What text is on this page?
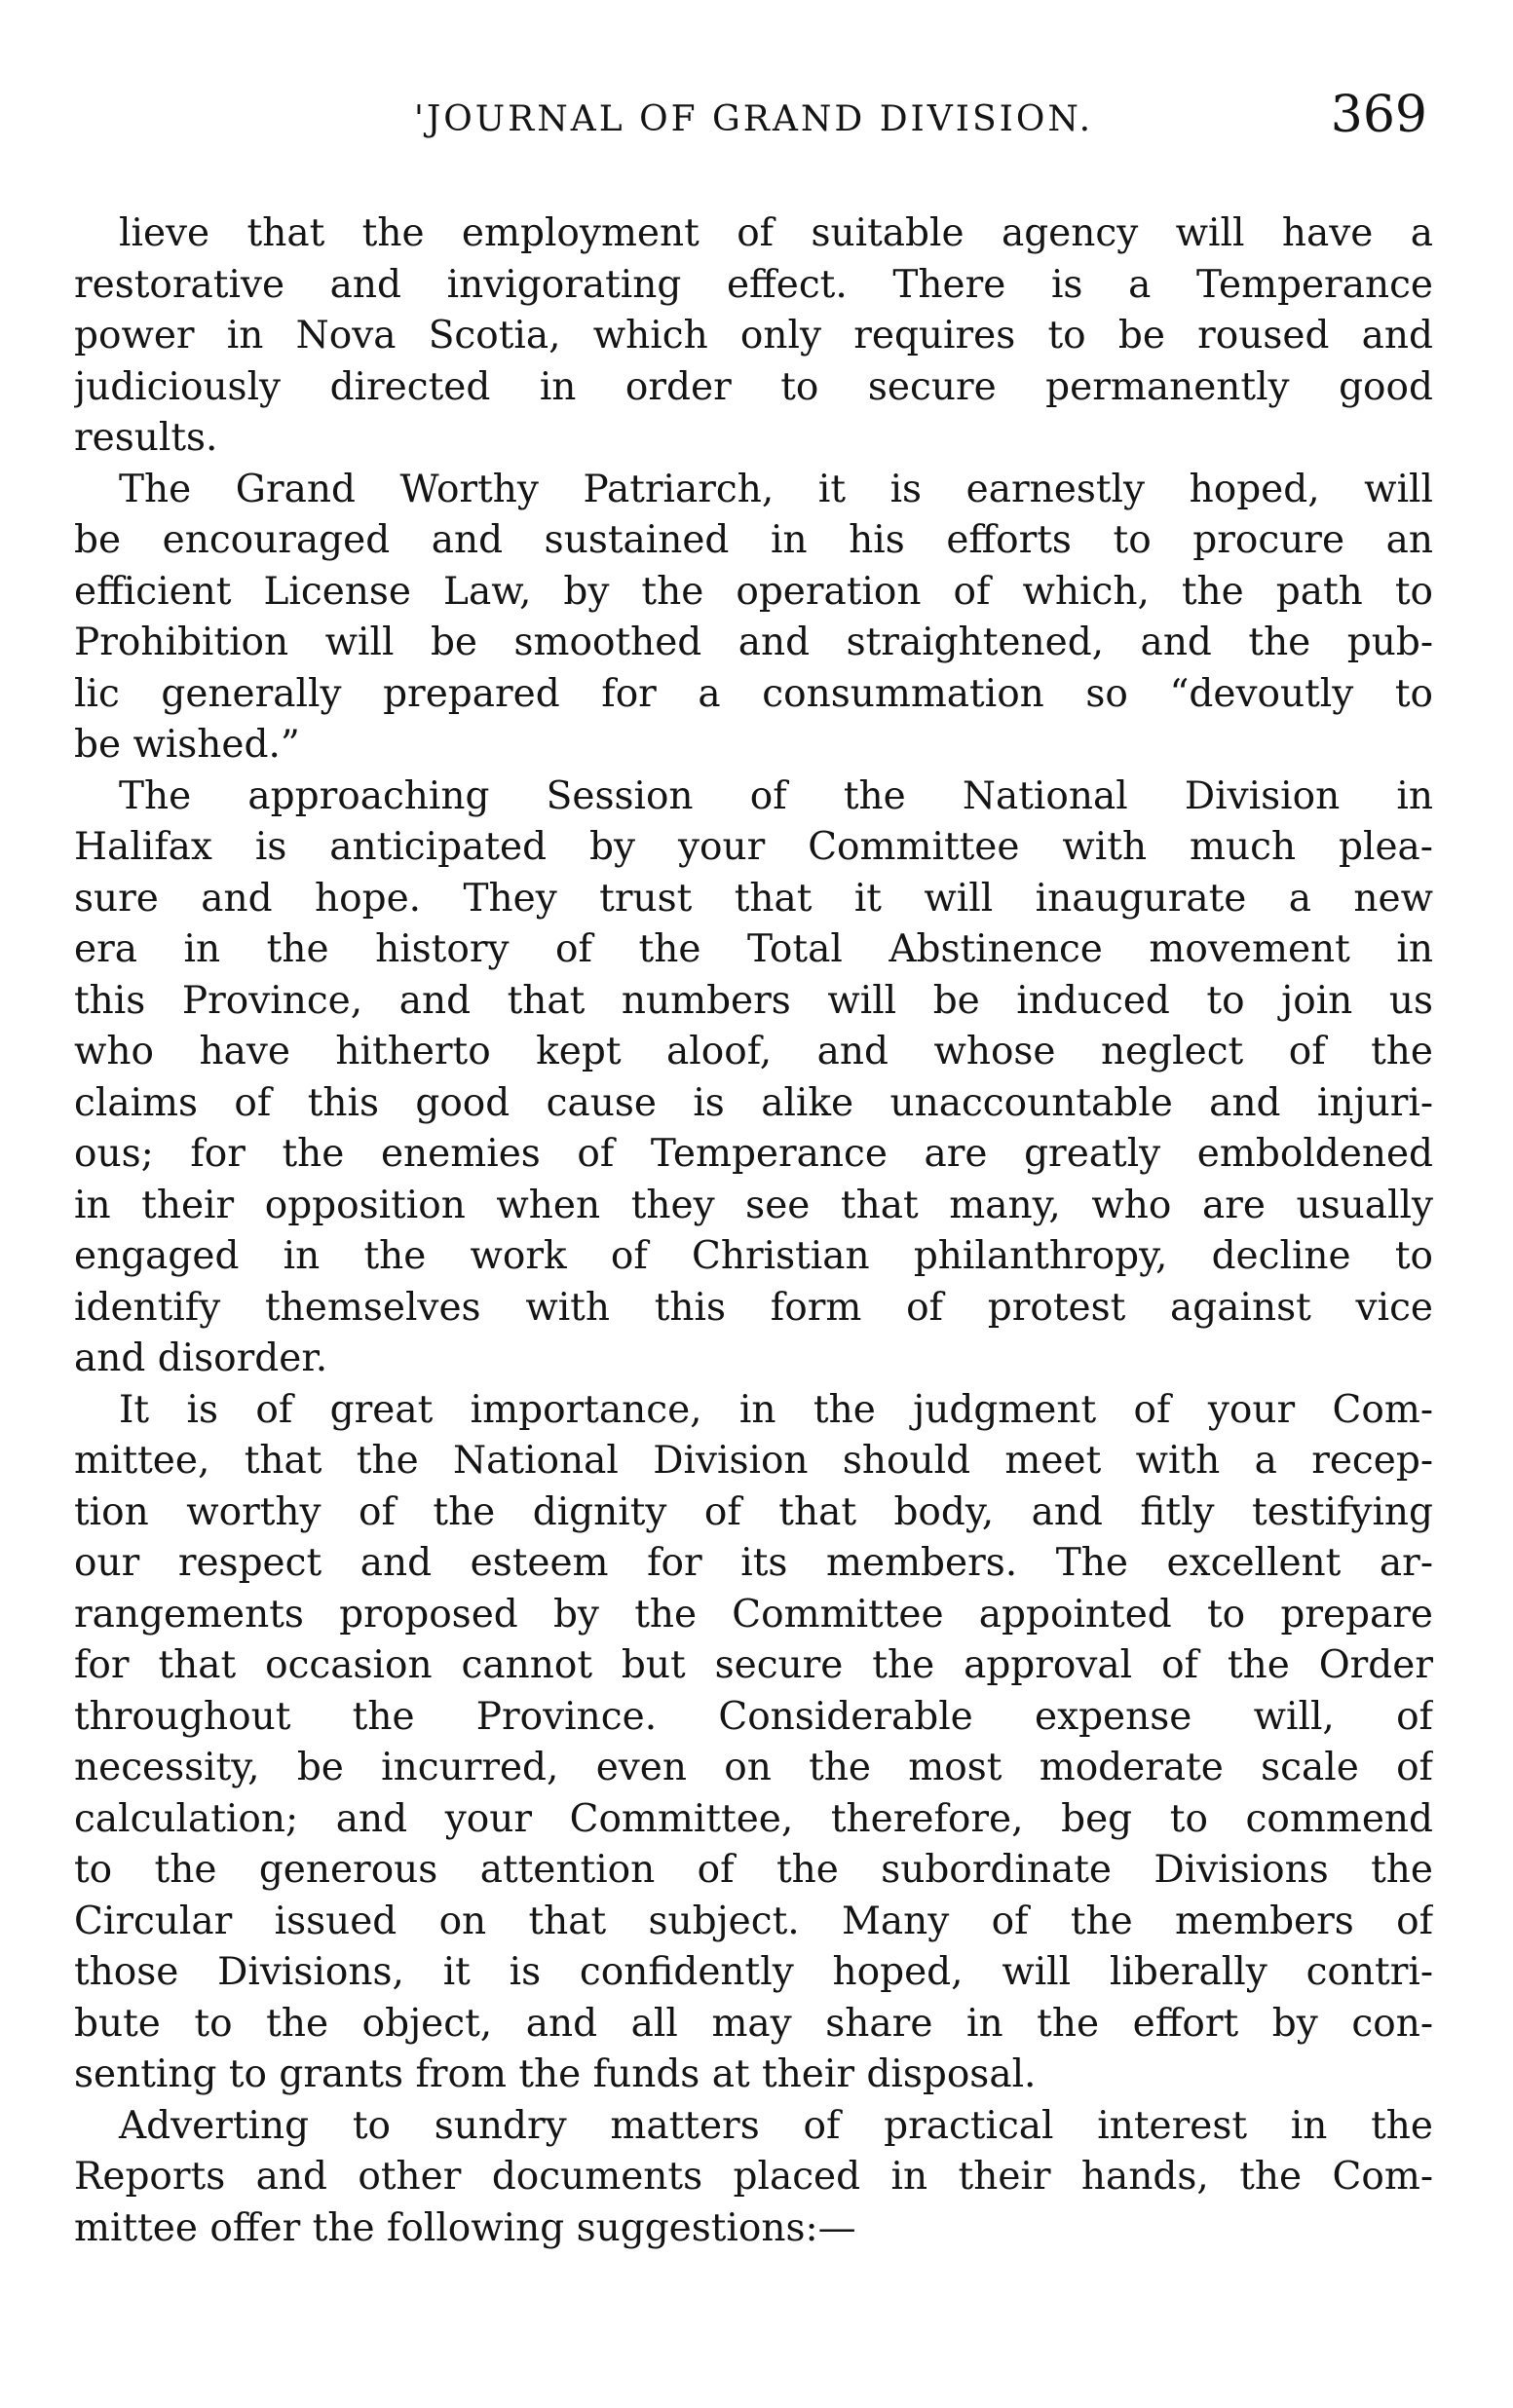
'JOURNAL OF GRAND DIVISION.	369
lieve that the employment of suitable agency will have a
restorative and invigorating effect. There is a Temperance
power in Nova Scotia, which only requires to be roused and
judiciously directed in order to secure permanently good
results.
The Grand Worthy Patriarch, it is earnestly hoped, will
be encouraged and sustained in his efforts to procure an
efficient License Law, by the operation of which, the path to
Prohibition will be smoothed and straightened, and the pub-
lic generally prepared for a consummation so “devoutly to
be wished.”
The approaching Session of the National Division in
Halifax is anticipated by your Committee with much plea-
sure and hope. They trust that it will inaugurate a new
era in the history of the Total Abstinence movement in
this Province, and that numbers will be induced to join us
who have hitherto kept aloof, and whose neglect of the
claims of this good cause is alike unaccountable and injuri-
ous; for the enemies of Temperance are greatly emboldened
in their opposition when they see that many, who are usually
engaged in the work of Christian philanthropy, decline to
identify themselves with this form of protest against vice
and disorder.
It is of great importance, in the judgment of your Com-
mittee, that the National Division should meet with a recep-
tion worthy of the dignity of that body, and fitly testifying
our respect and esteem for its members. The excellent ar-
rangements proposed by the Committee appointed to prepare
for that occasion cannot but secure the approval of the Order
throughout the Province. Considerable expense will, of
necessity, be incurred, even on the most moderate scale of
calculation; and your Committee, therefore, beg to commend
to the generous attention of the subordinate Divisions the
Circular issued on that subject. Many of the members of
those Divisions, it is confidently hoped, will liberally contri-
bute to the object, and all may share in the effort by con-
senting to grants from the funds at their disposal.
Adverting to sundry matters of practical interest in the
Reports and other documents placed in their hands, the Com-
mittee offer the following suggestions:—
